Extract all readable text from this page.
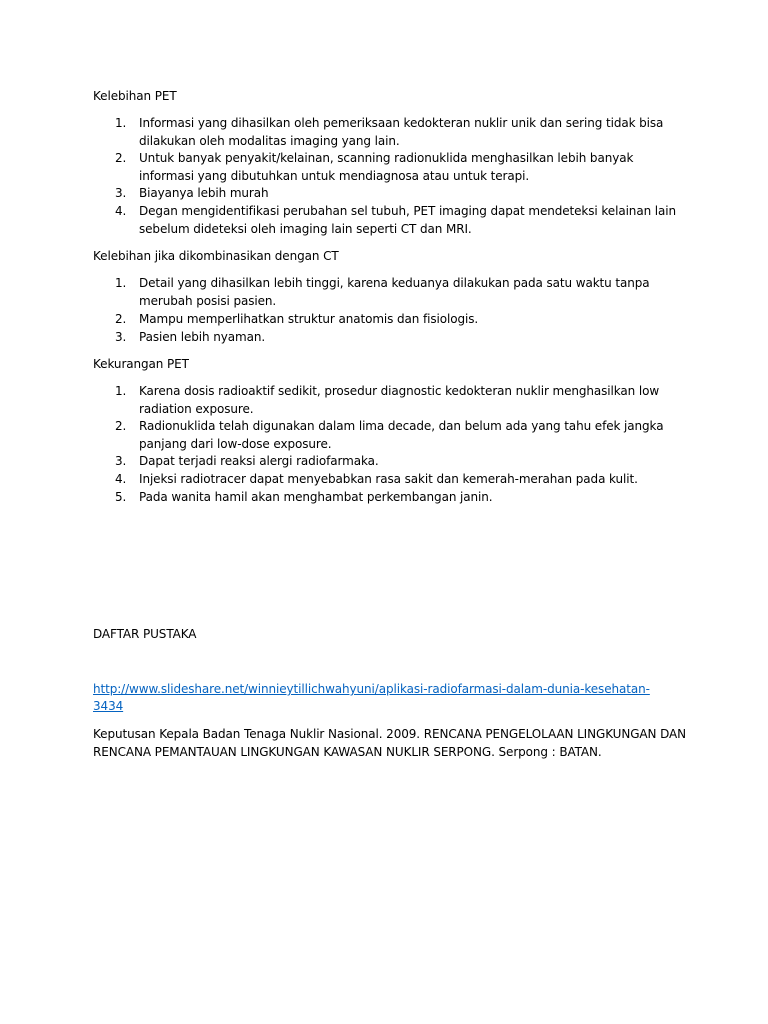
Kelebihan PET
1. Informasi yang dihasilkan oleh pemeriksaan kedokteran nuklir unik dan sering tidak bisa
dilakukan oleh modalitas imaging yang lain.
2. Untuk banyak penyakit/kelainan, scanning radionuklida menghasilkan lebih banyak
informasi yang dibutuhkan untuk mendiagnosa atau untuk terapi.
3. Biayanya lebih murah
4. Degan mengidentifikasi perubahan sel tubuh, PET imaging dapat mendeteksi kelainan lain
sebelum dideteksi oleh imaging lain seperti CT dan MRI.
Kelebihan jika dikombinasikan dengan CT
1. Detail yang dihasilkan lebih tinggi, karena keduanya dilakukan pada satu waktu tanpa
merubah posisi pasien.
2. Mampu memperlihatkan struktur anatomis dan fisiologis.
3. Pasien lebih nyaman.
Kekurangan PET
1. Karena dosis radioaktif sedikit, prosedur diagnostic kedokteran nuklir menghasilkan low
radiation exposure.
2. Radionuklida telah digunakan dalam lima decade, dan belum ada yang tahu efek jangka
panjang dari low-dose exposure.
3. Dapat terjadi reaksi alergi radiofarmaka.
4. Injeksi radiotracer dapat menyebabkan rasa sakit dan kemerah-merahan pada kulit.
5. Pada wanita hamil akan menghambat perkembangan janin.
DAFTAR PUSTAKA
http://www.slideshare.net/winnieytillichwahyuni/aplikasi-radiofarmasi-dalam-dunia-kesehatan-
3434
Keputusan Kepala Badan Tenaga Nuklir Nasional. 2009. RENCANA PENGELOLAAN LINGKUNGAN DAN
RENCANA PEMANTAUAN LINGKUNGAN KAWASAN NUKLIR SERPONG. Serpong : BATAN.
